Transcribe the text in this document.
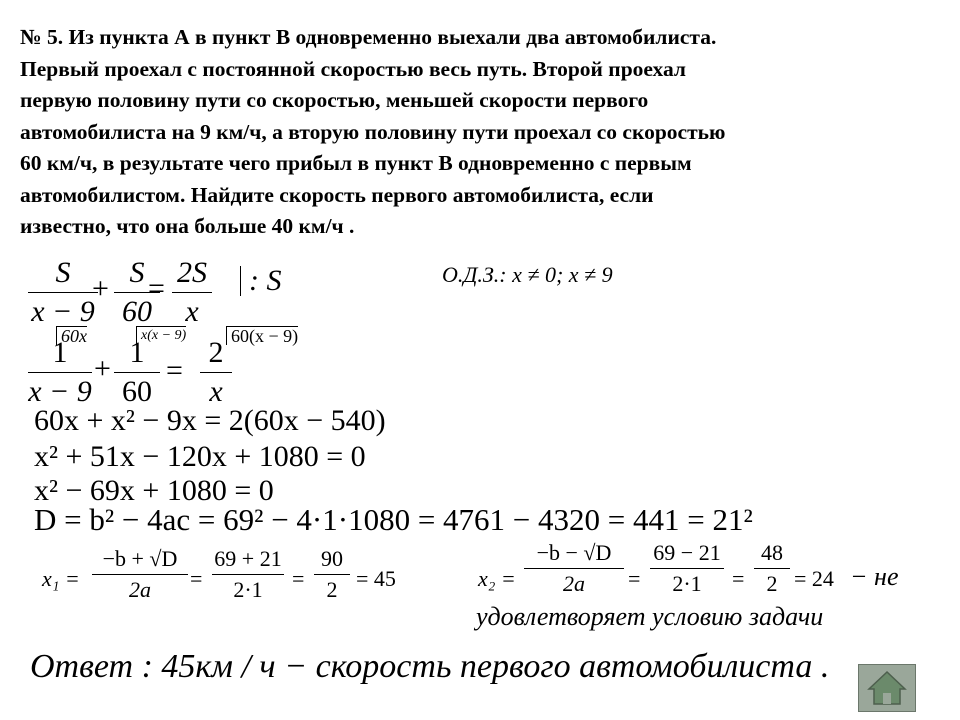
№ 5. Из пункта А в пункт В одновременно выехали два автомобилиста.
Первый проехал с постоянной скоростью весь путь. Второй проехал
первую половину пути со скоростью, меньшей скорости первого
автомобилиста на 9 км/ч, а вторую половину пути проехал со скоростью
60 км/ч, в результате чего прибыл в пункт В одновременно с первым
автомобилистом. Найдите скорость первого автомобилиста, если
известно, что она больше 40 км/ч .
S
x − 9
+ S
60
= 2S
x
: S	О.Д.З.: x ≠ 0; x ≠ 9
60x
1
x − 9
+
x(x − 9)
1
60
=
60(x − 9)
2
x
60x + x² − 9x = 2(60x − 540)
x² + 51x − 120x + 1080 = 0
x² − 69x + 1080 = 0
D = b² − 4ac = 69² − 4·1·1080 = 4761 − 4320 = 441 = 21²
x₁ =
−b + √D
2a	=
69 + 21
2·1	=
90
2 = 45	x₂ =
−b − √D
2a	=
69 − 21
2·1	=
48
2 = 24 − не
удовлетворяет условию задачи
Ответ : 45км / ч − скорость первого автомобилиста .
